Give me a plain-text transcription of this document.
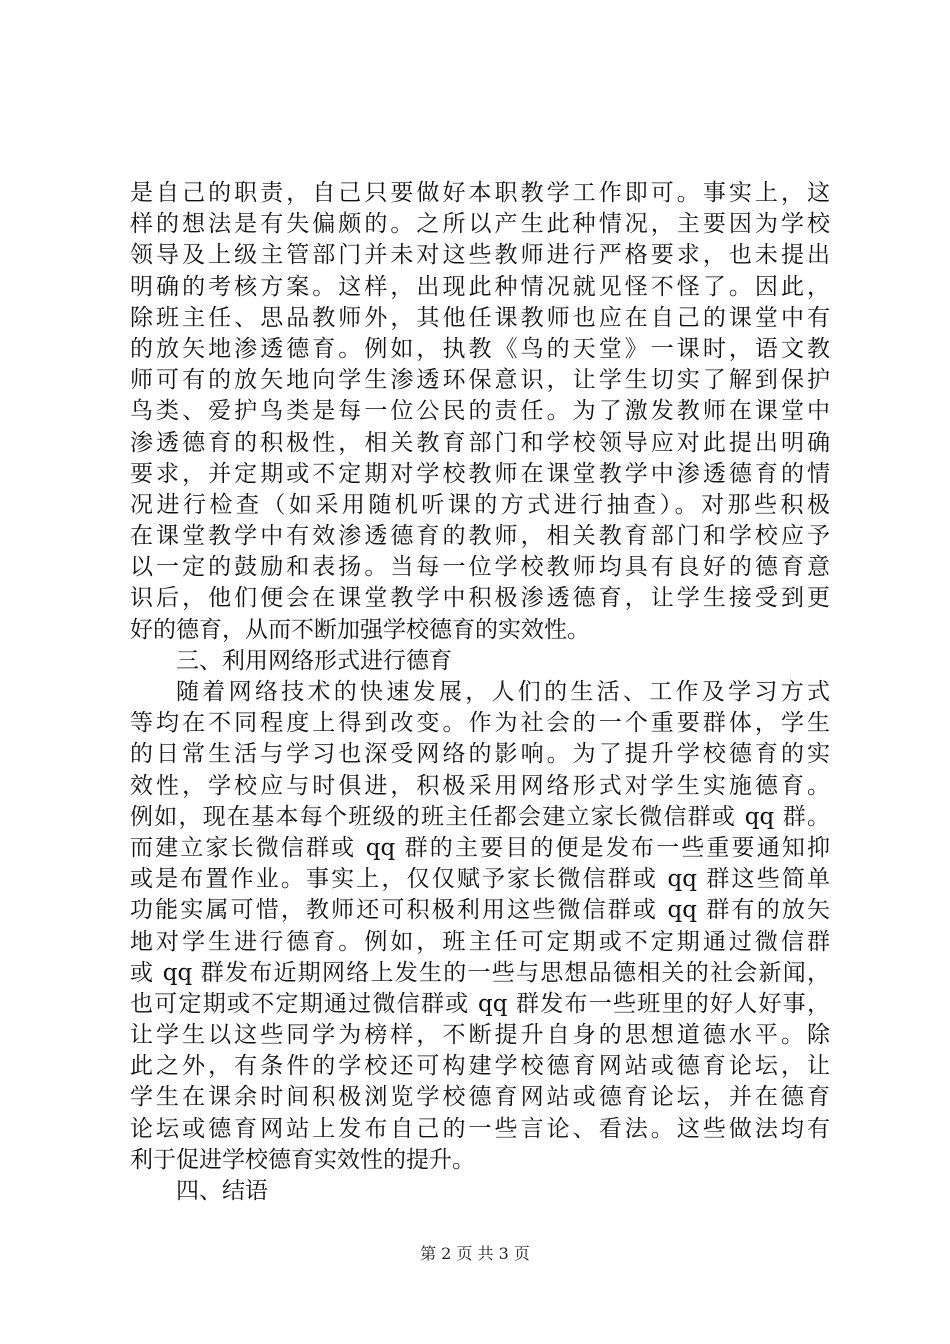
是自己的职责，自己只要做好本职教学工作即可。事实上，这
样的想法是有失偏颇的。之所以产生此种情况，主要因为学校
领导及上级主管部门并未对这些教师进行严格要求，也未提出
明确的考核方案。这样，出现此种情况就见怪不怪了。因此，
除班主任、思品教师外，其他任课教师也应在自己的课堂中有
的放矢地渗透德育。例如，执教《鸟的天堂》一课时，语文教
师可有的放矢地向学生渗透环保意识，让学生切实了解到保护
鸟类、爱护鸟类是每一位公民的责任。为了激发教师在课堂中
渗透德育的积极性，相关教育部门和学校领导应对此提出明确
要求，并定期或不定期对学校教师在课堂教学中渗透德育的情
况进行检查（如采用随机听课的方式进行抽查）。对那些积极
在课堂教学中有效渗透德育的教师，相关教育部门和学校应予
以一定的鼓励和表扬。当每一位学校教师均具有良好的德育意
识后，他们便会在课堂教学中积极渗透德育，让学生接受到更
好的德育，从而不断加强学校德育的实效性。
三、利用网络形式进行德育
随着网络技术的快速发展，人们的生活、工作及学习方式
等均在不同程度上得到改变。作为社会的一个重要群体，学生
的日常生活与学习也深受网络的影响。为了提升学校德育的实
效性，学校应与时俱进，积极采用网络形式对学生实施德育。
例如，现在基本每个班级的班主任都会建立家长微信群或 qq 群。
而建立家长微信群或 qq 群的主要目的便是发布一些重要通知抑
或是布置作业。事实上，仅仅赋予家长微信群或 qq 群这些简单
功能实属可惜，教师还可积极利用这些微信群或 qq 群有的放矢
地对学生进行德育。例如，班主任可定期或不定期通过微信群
或 qq 群发布近期网络上发生的一些与思想品德相关的社会新闻，
也可定期或不定期通过微信群或 qq 群发布一些班里的好人好事，
让学生以这些同学为榜样，不断提升自身的思想道德水平。除
此之外，有条件的学校还可构建学校德育网站或德育论坛，让
学生在课余时间积极浏览学校德育网站或德育论坛，并在德育
论坛或德育网站上发布自己的一些言论、看法。这些做法均有
利于促进学校德育实效性的提升。
四、结语
第 2 页 共 3 页
